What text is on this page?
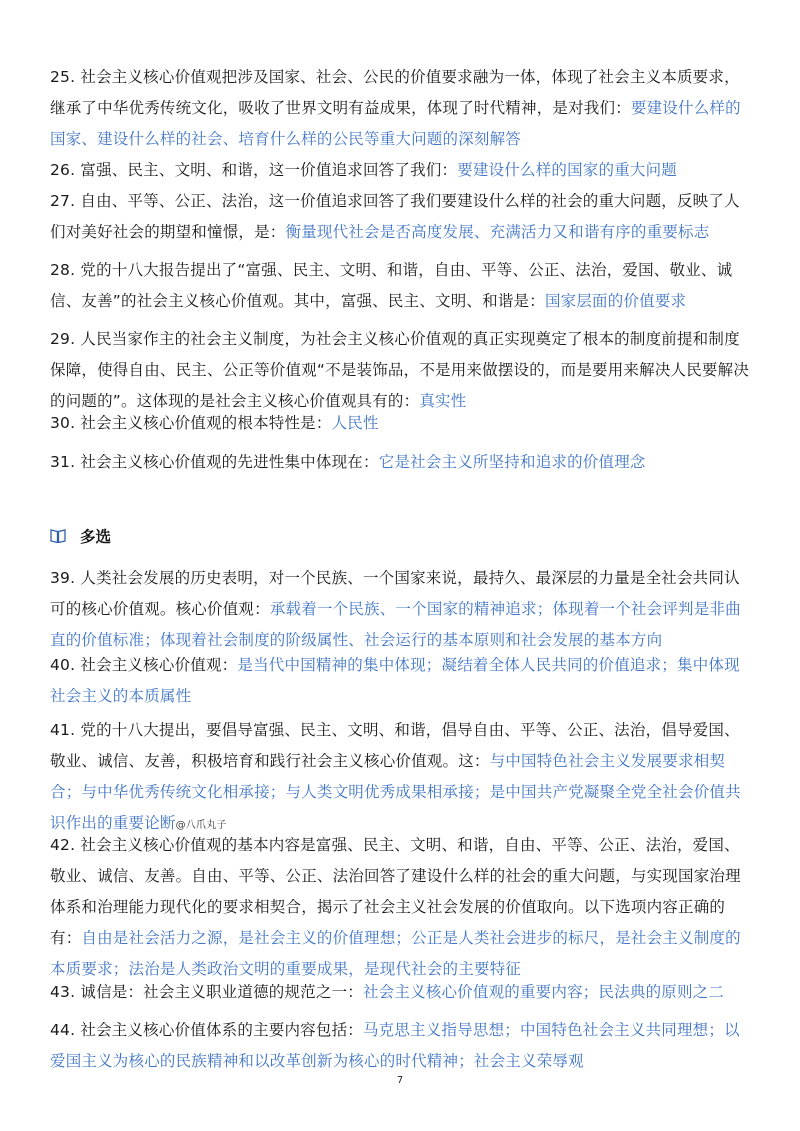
25. 社会主义核心价值观把涉及国家、社会、公民的价值要求融为一体，体现了社会主义本质要求，继承了中华优秀传统文化，吸收了世界文明有益成果，体现了时代精神，是对我们：要建设什么样的国家、建设什么样的社会、培育什么样的公民等重大问题的深刻解答

26. 富强、民主、文明、和谐，这一价值追求回答了我们：要建设什么样的国家的重大问题

27. 自由、平等、公正、法治，这一价值追求回答了我们要建设什么样的社会的重大问题，反映了人们对美好社会的期望和憧憬，是：衡量现代社会是否高度发展、充满活力又和谐有序的重要标志

28. 党的十八大报告提出了“富强、民主、文明、和谐，自由、平等、公正、法治，爱国、敬业、诚信、友善”的社会主义核心价值观。其中，富强、民主、文明、和谐是：国家层面的价值要求

29. 人民当家作主的社会主义制度，为社会主义核心价值观的真正实现奠定了根本的制度前提和制度保障，使得自由、民主、公正等价值观“不是装饰品，不是用来做摆设的，而是要用来解决人民要解决的问题的”。这体现的是社会主义核心价值观具有的：真实性

30. 社会主义核心价值观的根本特性是：人民性

31. 社会主义核心价值观的先进性集中体现在：它是社会主义所坚持和追求的价值理念

多选

39. 人类社会发展的历史表明，对一个民族、一个国家来说，最持久、最深层的力量是全社会共同认可的核心价值观。核心价值观：承载着一个民族、一个国家的精神追求；体现着一个社会评判是非曲直的价值标准；体现着社会制度的阶级属性、社会运行的基本原则和社会发展的基本方向

40. 社会主义核心价值观：是当代中国精神的集中体现；凝结着全体人民共同的价值追求；集中体现社会主义的本质属性

41. 党的十八大提出，要倡导富强、民主、文明、和谐，倡导自由、平等、公正、法治，倡导爱国、敬业、诚信、友善，积极培育和践行社会主义核心价值观。这：与中国特色社会主义发展要求相契合；与中华优秀传统文化相承接；与人类文明优秀成果相承接；是中国共产党凝聚全党全社会价值共识作出的重要论断@八爪丸子

42. 社会主义核心价值观的基本内容是富强、民主、文明、和谐，自由、平等、公正、法治，爱国、敬业、诚信、友善。自由、平等、公正、法治回答了建设什么样的社会的重大问题，与实现国家治理体系和治理能力现代化的要求相契合，揭示了社会主义社会发展的价值取向。以下选项内容正确的有：自由是社会活力之源，是社会主义的价值理想；公正是人类社会进步的标尺，是社会主义制度的本质要求；法治是人类政治文明的重要成果，是现代社会的主要特征

43. 诚信是：社会主义职业道德的规范之一：社会主义核心价值观的重要内容；民法典的原则之二

44. 社会主义核心价值体系的主要内容包括：马克思主义指导思想；中国特色社会主义共同理想；以爱国主义为核心的民族精神和以改革创新为核心的时代精神；社会主义荣辱观

7
